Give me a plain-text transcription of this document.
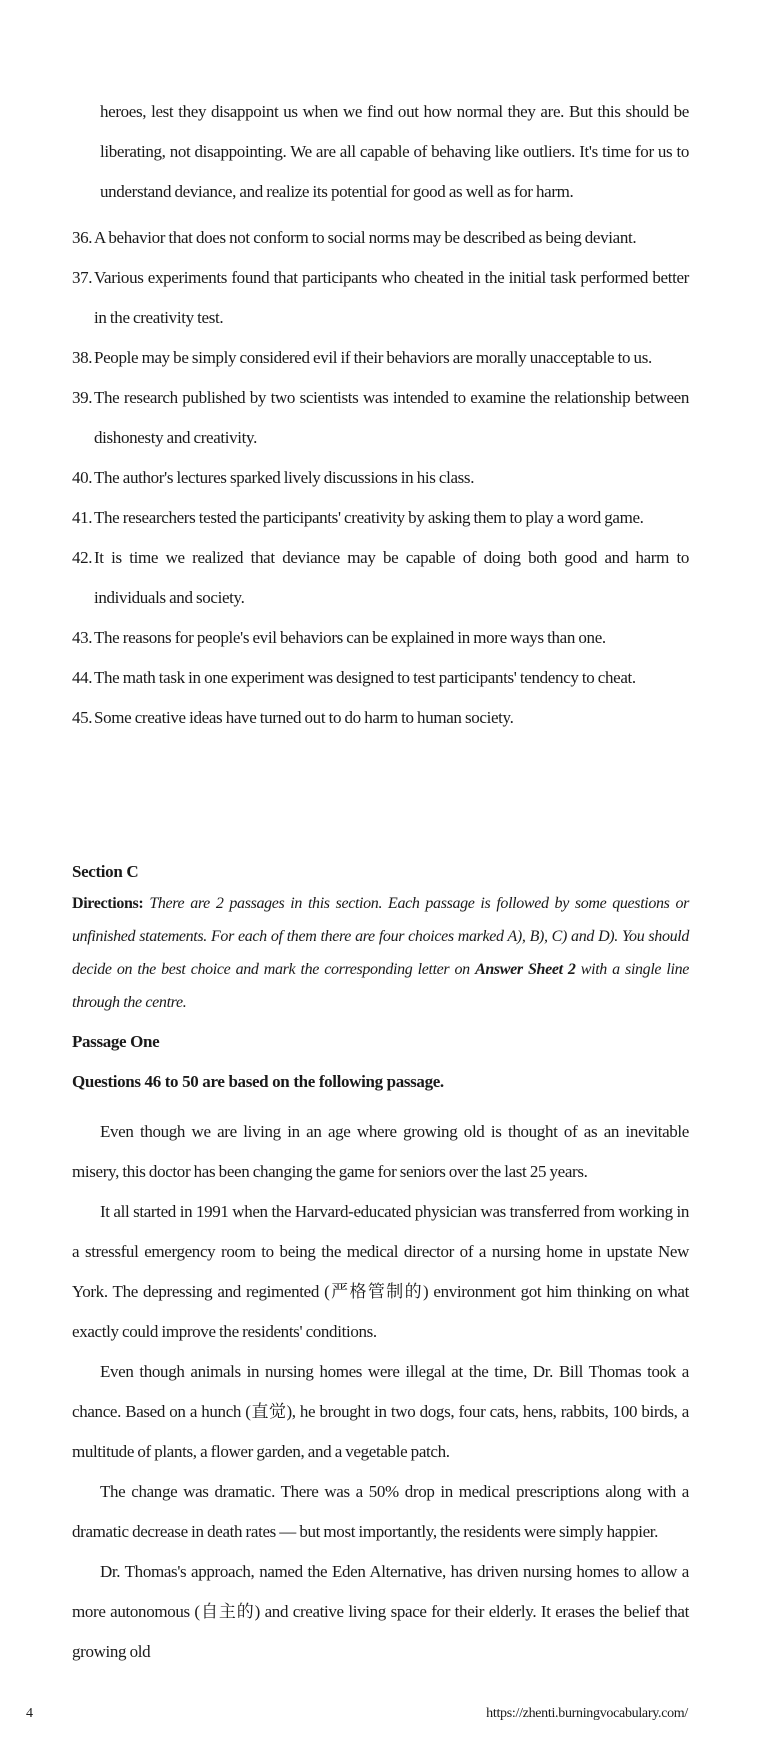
heroes, lest they disappoint us when we find out how normal they are. But this should be liberating, not disappointing. We are all capable of behaving like outliers. It's time for us to understand deviance, and realize its potential for good as well as for harm.
36. A behavior that does not conform to social norms may be described as being deviant.
37. Various experiments found that participants who cheated in the initial task performed better in the creativity test.
38. People may be simply considered evil if their behaviors are morally unacceptable to us.
39. The research published by two scientists was intended to examine the relationship between dishonesty and creativity.
40. The author's lectures sparked lively discussions in his class.
41. The researchers tested the participants' creativity by asking them to play a word game.
42. It is time we realized that deviance may be capable of doing both good and harm to individuals and society.
43. The reasons for people's evil behaviors can be explained in more ways than one.
44. The math task in one experiment was designed to test participants' tendency to cheat.
45. Some creative ideas have turned out to do harm to human society.
Section C
Directions: There are 2 passages in this section. Each passage is followed by some questions or unfinished statements. For each of them there are four choices marked A), B), C) and D). You should decide on the best choice and mark the corresponding letter on Answer Sheet 2 with a single line through the centre.
Passage One
Questions 46 to 50 are based on the following passage.

Even though we are living in an age where growing old is thought of as an inevitable misery, this doctor has been changing the game for seniors over the last 25 years.

It all started in 1991 when the Harvard-educated physician was transferred from working in a stressful emergency room to being the medical director of a nursing home in upstate New York. The depressing and regimented (严格管制的) environment got him thinking on what exactly could improve the residents' conditions.

Even though animals in nursing homes were illegal at the time, Dr. Bill Thomas took a chance. Based on a hunch (直觉), he brought in two dogs, four cats, hens, rabbits, 100 birds, a multitude of plants, a flower garden, and a vegetable patch.

The change was dramatic. There was a 50% drop in medical prescriptions along with a dramatic decrease in death rates — but most importantly, the residents were simply happier.

Dr. Thomas's approach, named the Eden Alternative, has driven nursing homes to allow a more autonomous (自主的) and creative living space for their elderly. It erases the belief that growing old

4	https://zhenti.burningvocabulary.com/
